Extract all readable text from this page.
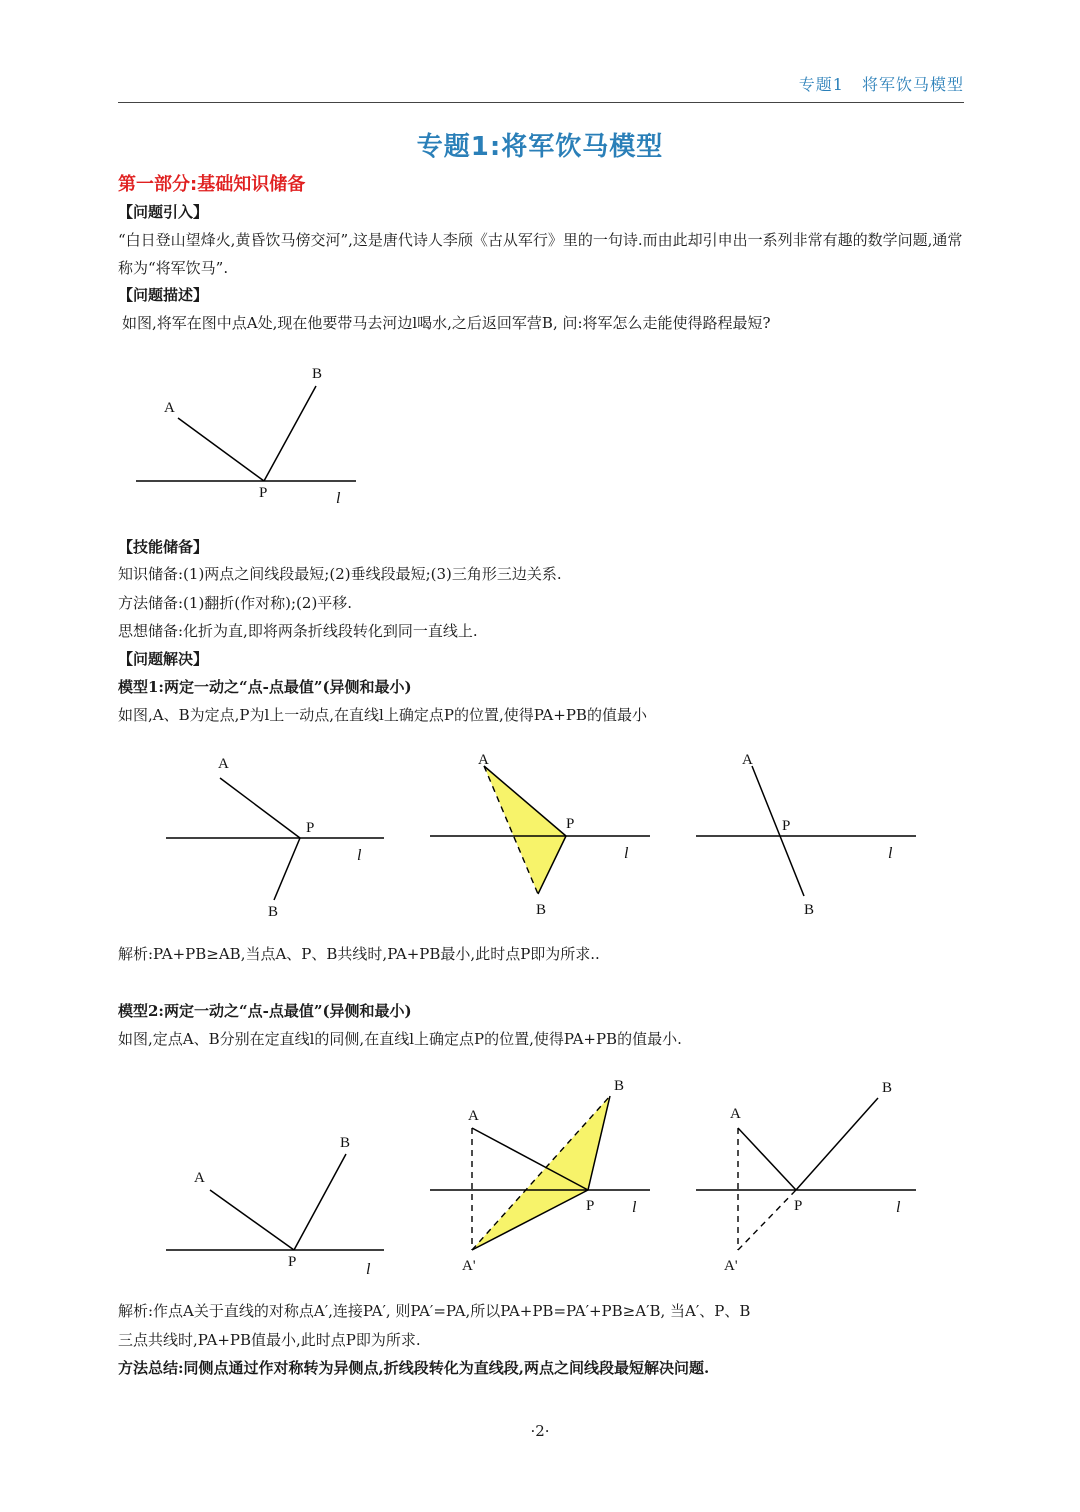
专题1 将军饮马模型
专题1:将军饮马模型
第一部分:基础知识储备
【问题引入】
“白日登山望烽火,黄昏饮马傍交河”,这是唐代诗人李颀《古从军行》里的一句诗.而由此却引申出一系列非常有趣的数学问题,通常称为“将军饮马”.
【问题描述】
如图,将军在图中点A处,现在他要带马去河边l喝水,之后返回军营B, 问:将军怎么走能使得路程最短?
A
B
P	l
【技能储备】
知识储备:(1)两点之间线段最短;(2)垂线段最短;(3)三角形三边关系.
方法储备:(1)翻折(作对称);(2)平移.
思想储备:化折为直,即将两条折线段转化到同一直线上.
【问题解决】
模型1:两定一动之“点-点最值”(异侧和最小)
如图,A、B为定点,P为l上一动点,在直线l上确定点P的位置,使得PA+PB的值最小
A
P
l
B
A
P
l
B
A
P
l
B
解析:PA+PB≥AB,当点A、P、B共线时,PA+PB最小,此时点P即为所求..
模型2:两定一动之“点-点最值”(异侧和最小)
如图,定点A、B分别在定直线l的同侧,在直线l上确定点P的位置,使得PA+PB的值最小.
A
B
P	l
A
B
P l
A'
A
B
P	l
A'
解析:作点A关于直线的对称点A′,连接PA′, 则PA′=PA,所以PA+PB=PA′+PB≥A′B, 当A′、P、B
三点共线时,PA+PB值最小,此时点P即为所求.
方法总结:同侧点通过作对称转为异侧点,折线段转化为直线段,两点之间线段最短解决问题.
·2·
